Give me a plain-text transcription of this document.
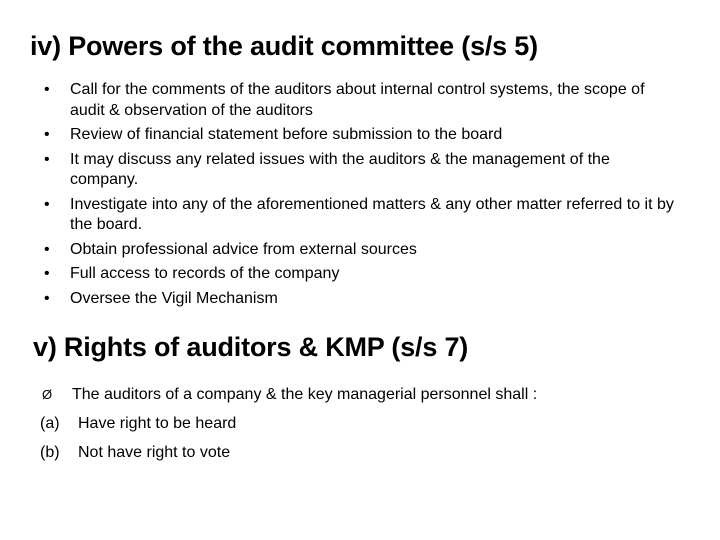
iv) Powers of the audit committee (s/s 5)
• Call for the comments of the auditors about internal control systems, the scope of audit & observation of the auditors
• Review of financial statement before submission to the board
• It may discuss any related issues with the auditors & the management of the company.
• Investigate into any of the aforementioned matters & any other matter referred to it by the board.
• Obtain professional advice from external sources
• Full access to records of the company
• Oversee the Vigil Mechanism
v) Rights of auditors & KMP (s/s 7)
Ø The auditors of a company & the key managerial personnel shall :
(a) Have right to be heard
(b) Not have right to vote
